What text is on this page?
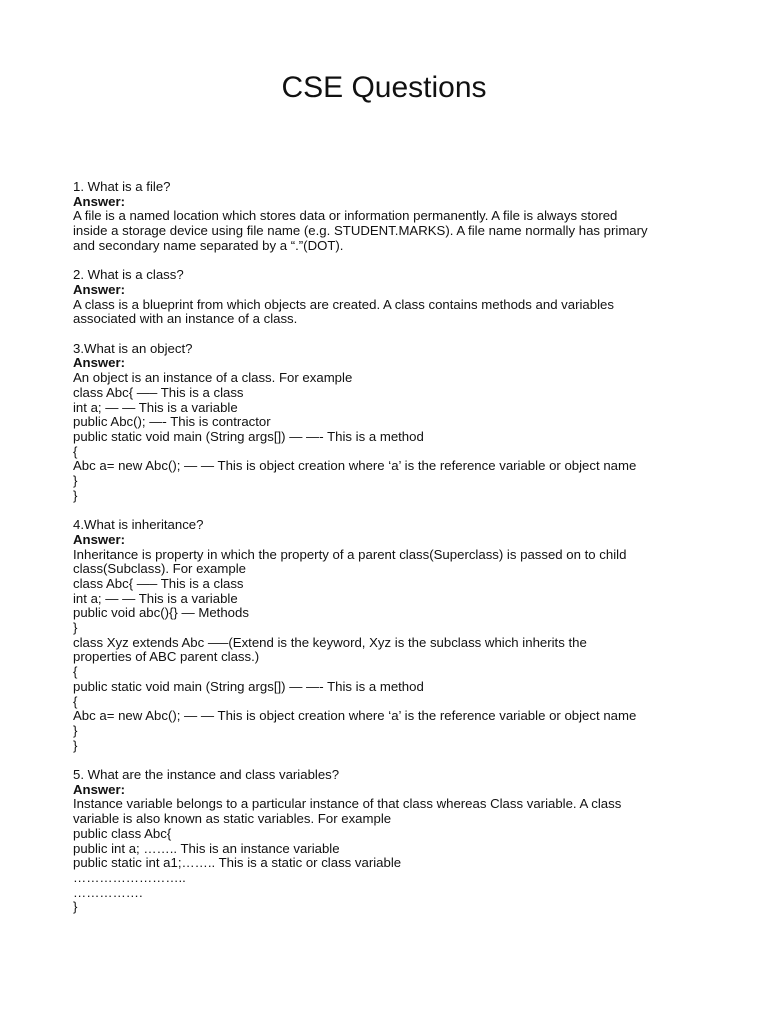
CSE Questions
1. What is a file?
Answer:
A file is a named location which stores data or information permanently. A file is always stored
inside a storage device using file name (e.g. STUDENT.MARKS). A file name normally has primary
and secondary name separated by a “.”(DOT).
2. What is a class?
Answer:
A class is a blueprint from which objects are created. A class contains methods and variables
associated with an instance of a class.
3.What is an object?
Answer:
An object is an instance of a class. For example
class Abc{ —– This is a class
int a; — — This is a variable
public Abc(); —- This is contractor
public static void main (String args[]) — —- This is a method
{
Abc a= new Abc(); — — This is object creation where ‘a’ is the reference variable or object name
}
}
4.What is inheritance?
Answer:
Inheritance is property in which the property of a parent class(Superclass) is passed on to child
class(Subclass). For example
class Abc{ —– This is a class
int a; — — This is a variable
public void abc(){} — Methods
}
class Xyz extends Abc —–(Extend is the keyword, Xyz is the subclass which inherits the
properties of ABC parent class.)
{
public static void main (String args[]) — —- This is a method
{
Abc a= new Abc(); — — This is object creation where ‘a’ is the reference variable or object name
}
}
5. What are the instance and class variables?
Answer:
Instance variable belongs to a particular instance of that class whereas Class variable. A class
variable is also known as static variables. For example
public class Abc{
public int a; …….. This is an instance variable
public static int a1;…….. This is a static or class variable
……………………..
…………….
}
